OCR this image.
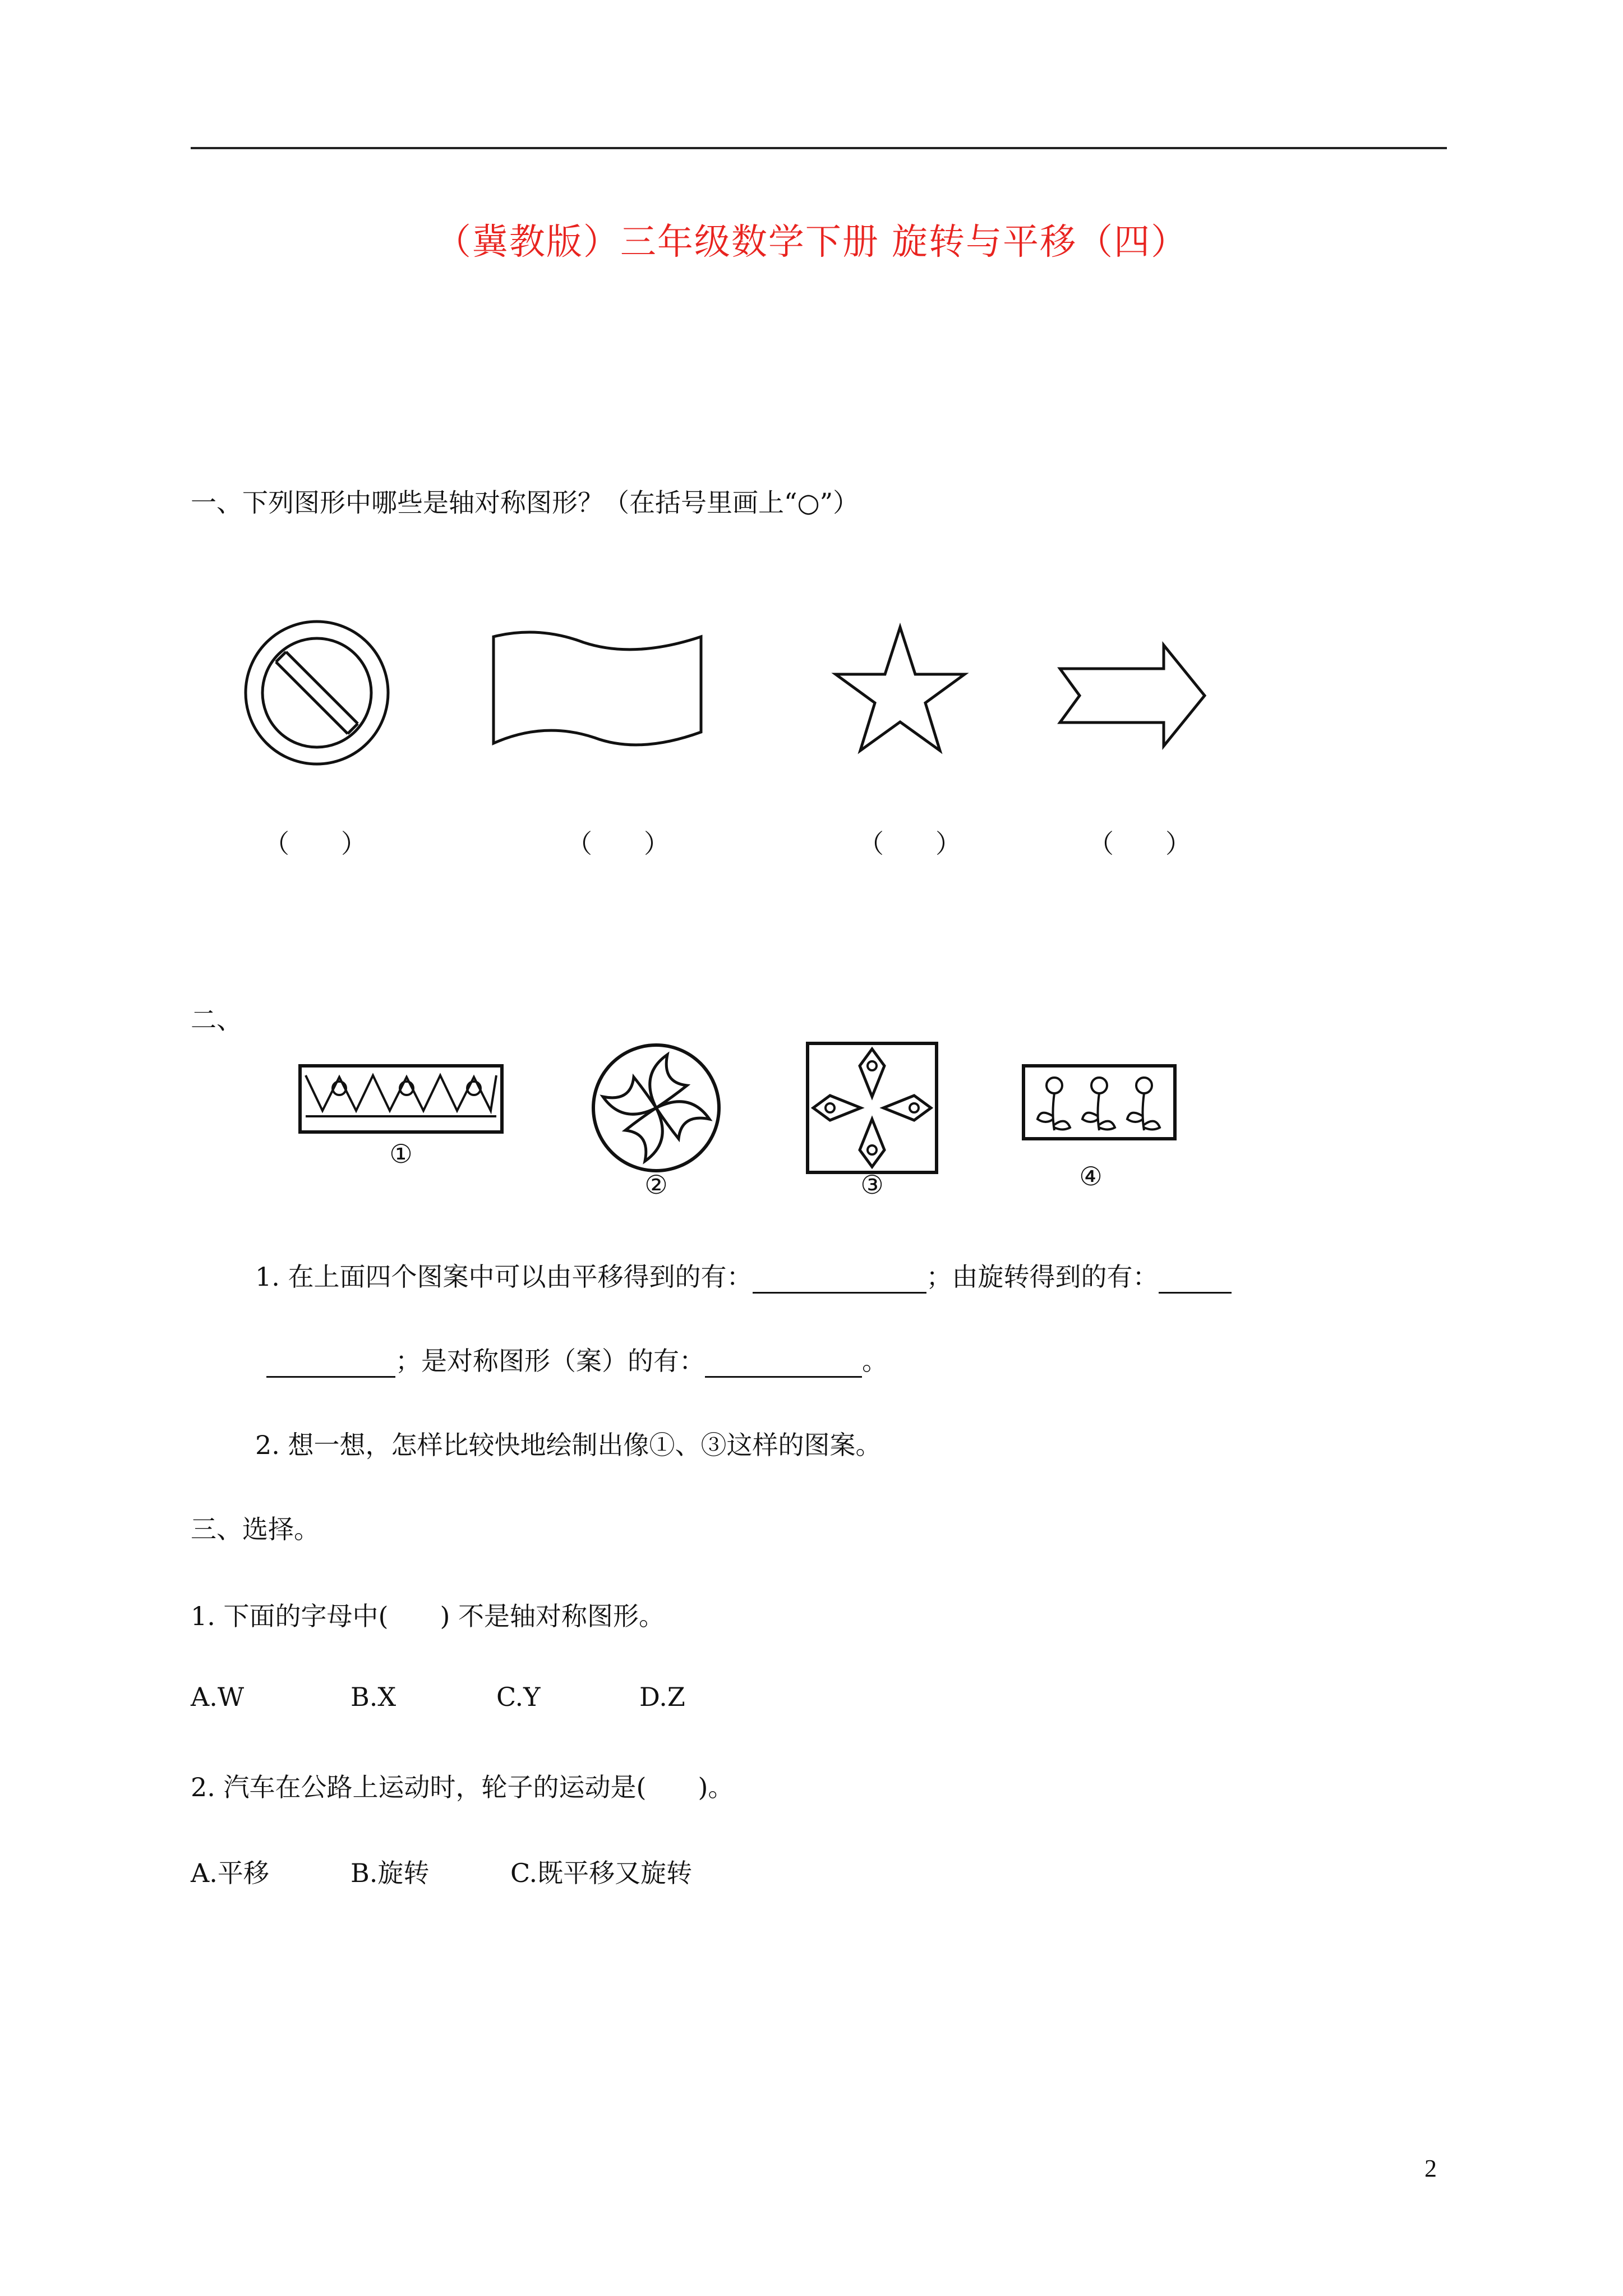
（冀教版）三年级数学下册 旋转与平移（四）
一、下列图形中哪些是轴对称图形？（在括号里画上“○”）
（　　）	（　　）	（　　）	（　　）
二、
①
②	③	④
1. 在上面四个图案中可以由平移得到的有：	；由旋转得到的有：
；是对称图形（案）的有：	。
2. 想一想，怎样比较快地绘制出像①、③这样的图案。
三、选择。
1. 下面的字母中(　　) 不是轴对称图形。
A.W	B.X	C.Y	D.Z
2. 汽车在公路上运动时，轮子的运动是(　　)。
A.平移	B.旋转	C.既平移又旋转
2
